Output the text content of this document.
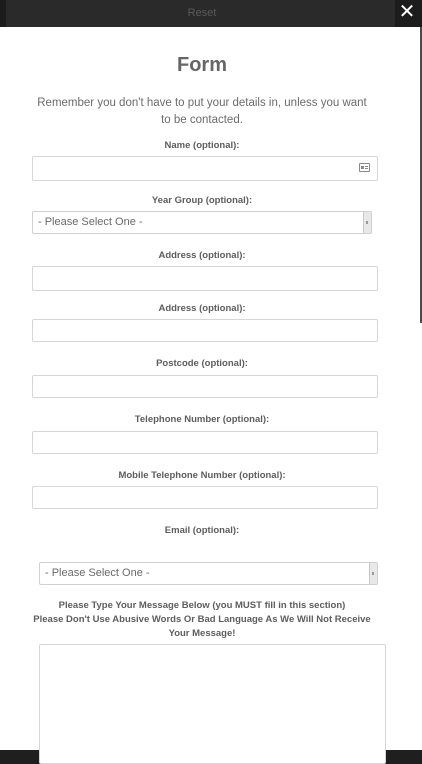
Reset	✕
Form
Remember you don't have to put your details in, unless you want to be contacted.
Name (optional):
Year Group (optional):
- Please Select One -
Address (optional):
Address (optional):
Postcode (optional):
Telephone Number (optional):
Mobile Telephone Number (optional):
Email (optional):
- Please Select One -
Please Type Your Message Below (you MUST fill in this section)
Please Don't Use Abusive Words Or Bad Language As We Will Not Receive Your Message!
